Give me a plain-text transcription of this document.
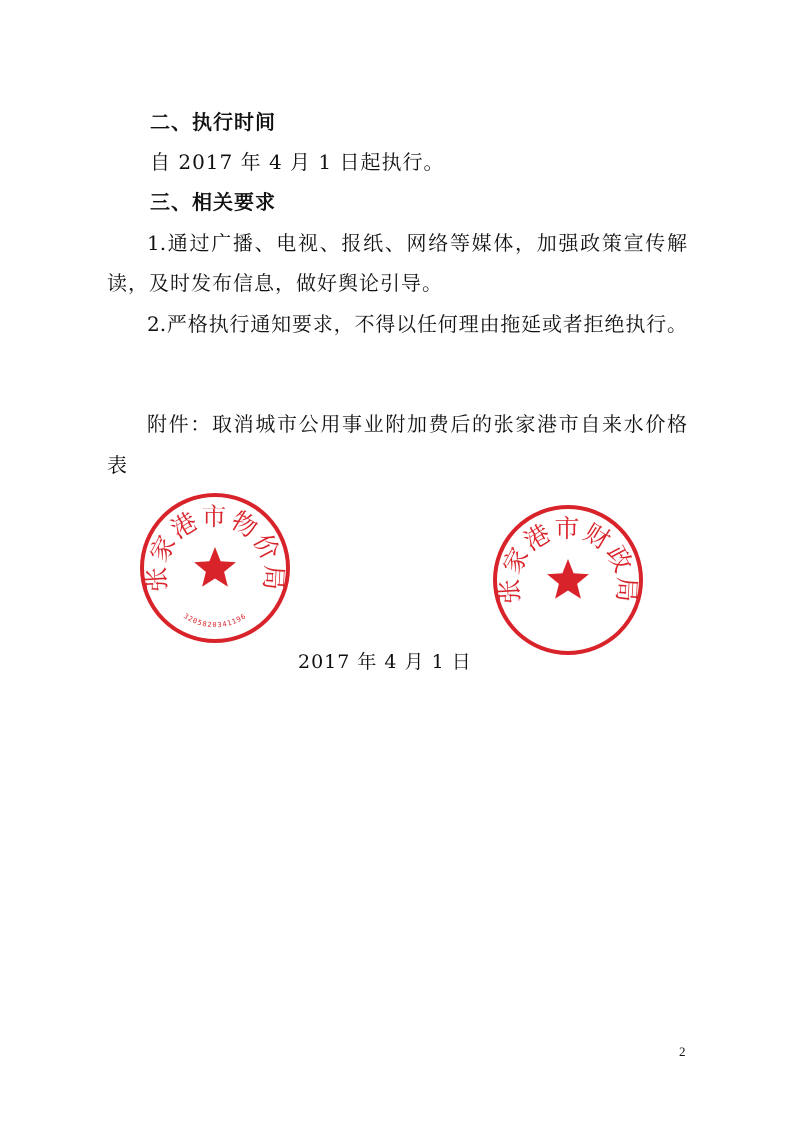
二、执行时间
自 2017 年 4 月 1 日起执行。
三、相关要求
1.通过广播、电视、报纸、网络等媒体，加强政策宣传解
读，及时发布信息，做好舆论引导。
2.严格执行通知要求，不得以任何理由拖延或者拒绝执行。
附件：取消城市公用事业附加费后的张家港市自来水价格
表
张家港市物价局
3205820341196
张家港市财政局
2017 年 4 月 1 日
2
